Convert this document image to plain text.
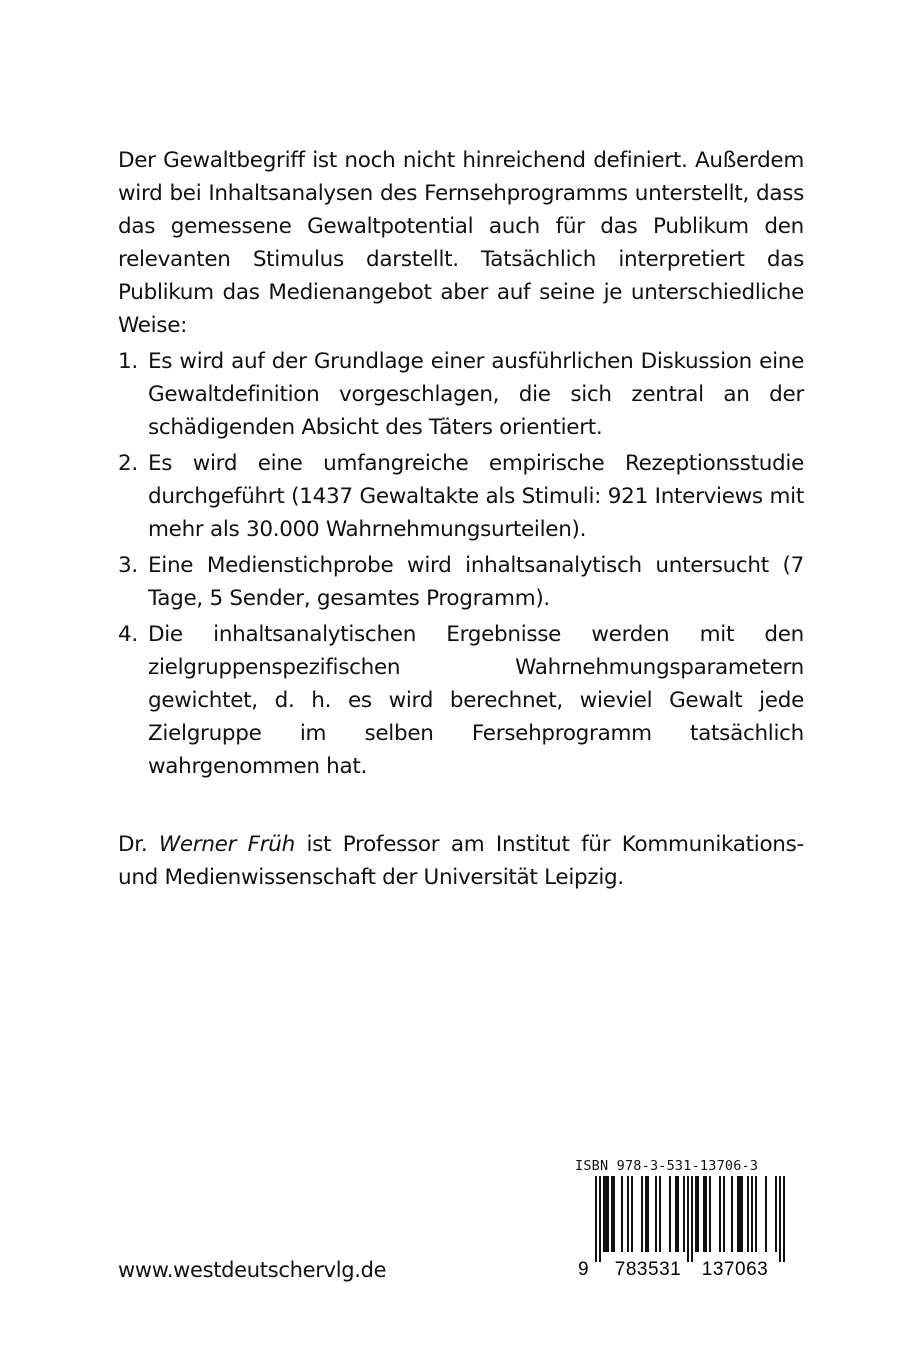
Der Gewaltbegriff ist noch nicht hinreichend definiert. Außerdem wird bei Inhaltsanalysen des Fernsehprogramms unterstellt, dass das gemessene Gewaltpotential auch für das Publikum den relevanten Stimulus darstellt. Tatsächlich interpretiert das Publikum das Medienangebot aber auf seine je unterschiedliche Weise:

1. Es wird auf der Grundlage einer ausführlichen Diskussion eine Gewaltdefinition vorgeschlagen, die sich zentral an der schädigenden Absicht des Täters orientiert.
2. Es wird eine umfangreiche empirische Rezeptionsstudie durchgeführt (1437 Gewaltakte als Stimuli: 921 Interviews mit mehr als 30.000 Wahrnehmungsurteilen).
3. Eine Medienstichprobe wird inhaltsanalytisch untersucht (7 Tage, 5 Sender, gesamtes Programm).
4. Die inhaltsanalytischen Ergebnisse werden mit den zielgruppenspezifischen Wahrnehmungsparametern gewichtet, d. h. es wird berechnet, wieviel Gewalt jede Zielgruppe im selben Fersehprogramm tatsächlich wahrgenommen hat.

Dr. Werner Früh ist Professor am Institut für Kommunikations- und Medienwissenschaft der Universität Leipzig.

www.westdeutschervlg.de
ISBN 978-3-531-13706-3
9 783531 137063
